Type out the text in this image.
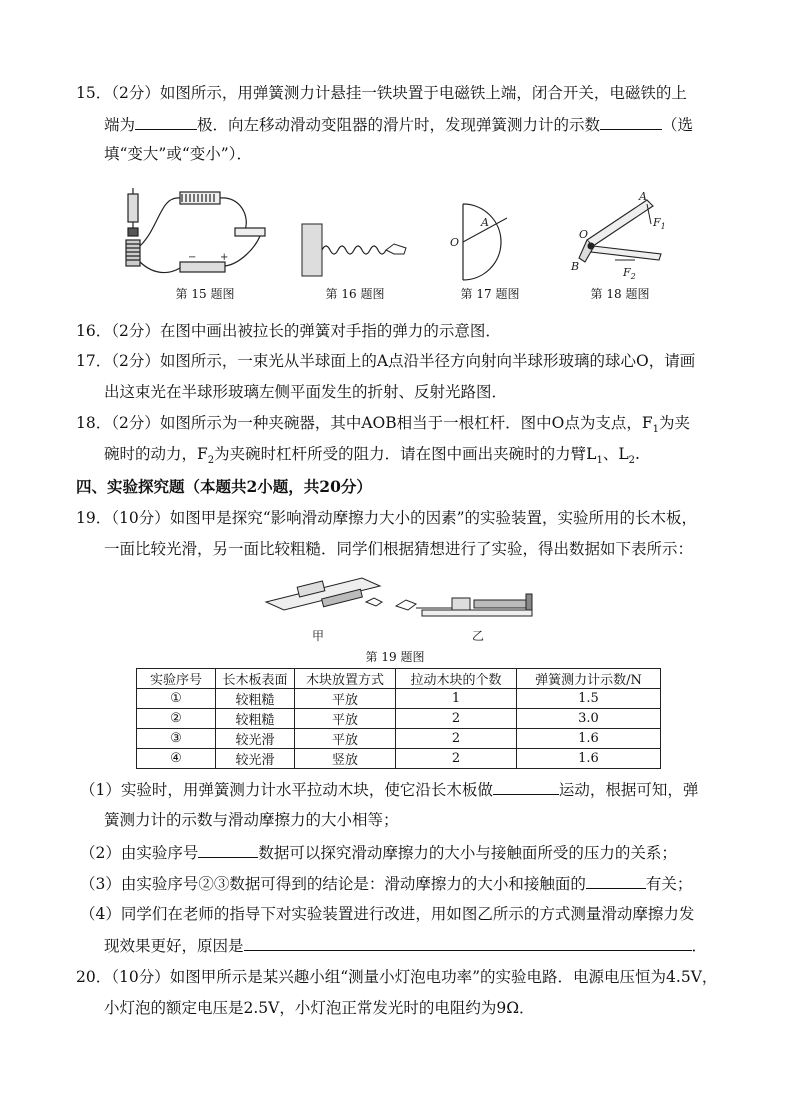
15．（2分）如图所示，用弹簧测力计悬挂一铁块置于电磁铁上端，闭合开关，电磁铁的上
端为	极．向左移动滑动变阻器的滑片时，发现弹簧测力计的示数	（选
填“变大”或“变小”）．
− +
第 15 题图	第 16 题图
O
A
第 17 题图
A
B
O
$F_1$
$F_2$
第 18 题图
16．（2分）在图中画出被拉长的弹簧对手指的弹力的示意图．
17．（2分）如图所示，一束光从半球面上的A点沿半径方向射向半球形玻璃的球心O，请画
出这束光在半球形玻璃左侧平面发生的折射、反射光路图．
18．（2分）如图所示为一种夹碗器，其中AOB相当于一根杠杆．图中O点为支点，$F_1$为夹
碗时的动力，$F_2$为夹碗时杠杆所受的阻力．请在图中画出夹碗时的力臂$L_1$、$L_2$.
四、实验探究题（本题共2小题，共20分）
19．（10分）如图甲是探究“影响滑动摩擦力大小的因素”的实验装置，实验所用的长木板，
一面比较光滑，另一面比较粗糙．同学们根据猜想进行了实验，得出数据如下表所示：
甲	乙
第 19 题图
实验序号	长木板表面	木块放置方式	拉动木块的个数	弹簧测力计示数/N
①	较粗糙	平放	1	1.5
②	较粗糙	平放	2	3.0
③	较光滑	平放	2	1.6
④	较光滑	竖放	2	1.6
（1）实验时，用弹簧测力计水平拉动木块，使它沿长木板做	运动，根据可知，弹
簧测力计的示数与滑动摩擦力的大小相等；
（2）由实验序号	数据可以探究滑动摩擦力的大小与接触面所受的压力的关系；
（3）由实验序号②③数据可得到的结论是：滑动摩擦力的大小和接触面的	有关；
（4）同学们在老师的指导下对实验装置进行改进，用如图乙所示的方式测量滑动摩擦力发
现效果更好，原因是	．
20．（10分）如图甲所示是某兴趣小组“测量小灯泡电功率”的实验电路．电源电压恒为4.5V，
小灯泡的额定电压是2.5V，小灯泡正常发光时的电阻约为9Ω．
